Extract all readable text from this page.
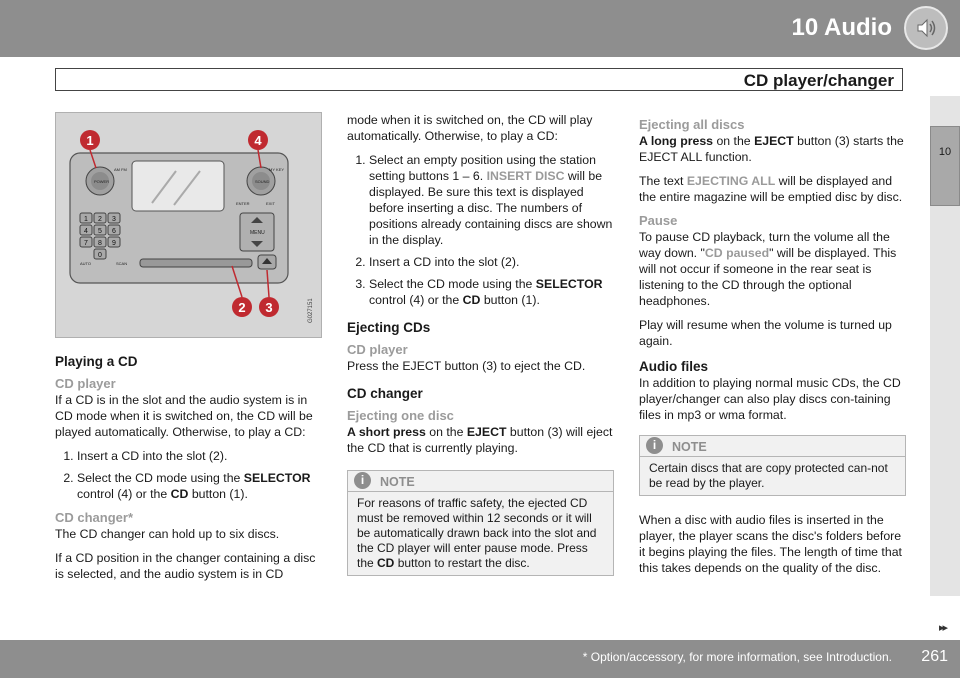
10 Audio
CD player/changer
10
POWER	SOUND
AM FM	MY KEY
1 2 3
4 5 6
7 8 9
0
AUTO	SCAN
ENTER	EXIT
MENU
1	4
2 3	G027151
Playing a CD
CD player

If a CD is in the slot and the audio system is in CD mode when it is switched on, the CD will be played automatically. Otherwise, to play a CD:

1. Insert a CD into the slot (2).
2. Select the CD mode using the SELECTOR control (4) or the CD button (1).
CD changer*

The CD changer can hold up to six discs.

If a CD position in the changer containing a disc is selected, and the audio system is in CD

mode when it is switched on, the CD will play automatically. Otherwise, to play a CD:

1. Select an empty position using the station setting buttons 1 – 6. INSERT DISC will be displayed. Be sure this text is displayed before inserting a disc. The numbers of positions already containing discs are shown in the display.
2. Insert a CD into the slot (2).
3. Select the CD mode using the SELECTOR control (4) or the CD button (1).
Ejecting CDs
CD player

Press the EJECT button (3) to eject the CD.

CD changer
Ejecting one disc

A short press on the EJECT button (3) will eject the CD that is currently playing.

i	NOTE
For reasons of traffic safety, the ejected CD must be removed within 12 seconds or it will be automatically drawn back into the slot and the CD player will enter pause mode. Press the CD button to restart the disc.
Ejecting all discs

A long press on the EJECT button (3) starts the EJECT ALL function.

The text EJECTING ALL will be displayed and the entire magazine will be emptied disc by disc.

Pause

To pause CD playback, turn the volume all the way down. "CD paused" will be displayed. This will not occur if someone in the rear seat is listening to the CD through the optional headphones.

Play will resume when the volume is turned up again.

Audio files

In addition to playing normal music CDs, the CD player/changer can also play discs con-taining files in mp3 or wma format.

i	NOTE
Certain discs that are copy protected can-not be read by the player.

When a disc with audio files is inserted in the player, the player scans the disc's folders before it begins playing the files. The length of time that this takes depends on the quality of the disc.

▸▸
* Option/accessory, for more information, see Introduction. 261
